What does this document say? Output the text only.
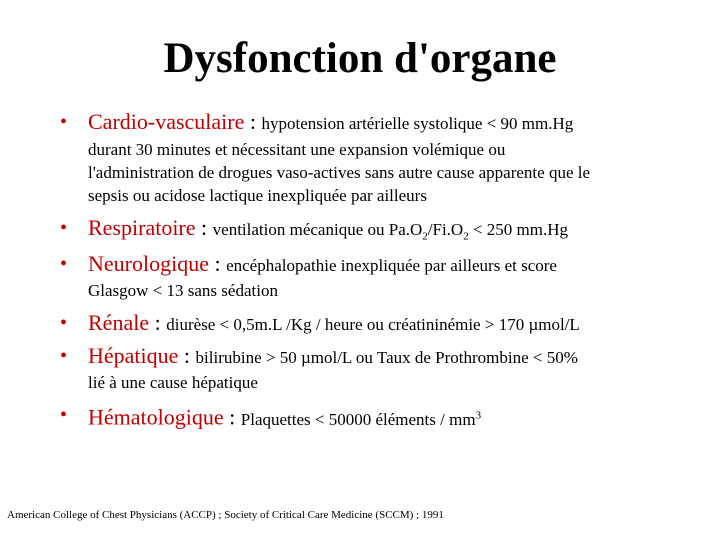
Dysfonction d'organe
• Cardio-vasculaire : hypotension artérielle systolique < 90 mm.Hg
durant 30 minutes et nécessitant une expansion volémique ou
l'administration de drogues vaso-actives sans autre cause apparente que le
sepsis ou acidose lactique inexpliquée par ailleurs
• Respiratoire : ventilation mécanique ou $Pa.O_2/Fi.O_2 < 250$ mm.Hg
• Neurologique : encéphalopathie inexpliquée par ailleurs et score
Glasgow < 13 sans sédation
• Rénale : diurèse < 0,5m.L /Kg / heure ou créatininémie > 170 µmol/L
• Hépatique : bilirubine > 50 µmol/L ou Taux de Prothrombine < 50%
lié à une cause hépatique
• Hématologique : Plaquettes < 50000 éléments / $mm^3$
American College of Chest Physicians (ACCP) ; Society of Critical Care Medicine (SCCM) ; 1991
